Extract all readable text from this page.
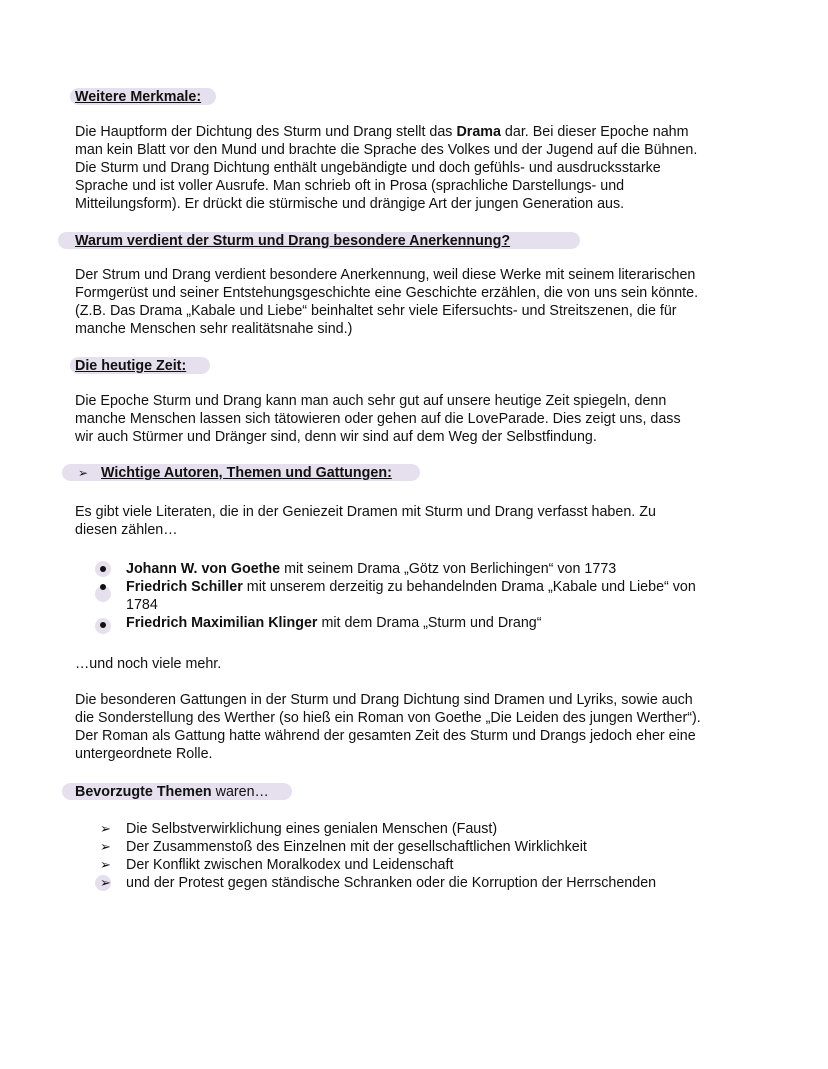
Weitere Merkmale:

Die Hauptform der Dichtung des Sturm und Drang stellt das Drama dar. Bei dieser Epoche nahm

man kein Blatt vor den Mund und brachte die Sprache des Volkes und der Jugend auf die Bühnen.

Die Sturm und Drang Dichtung enthält ungebändigte und doch gefühls- und ausdrucksstarke

Sprache und ist voller Ausrufe. Man schrieb oft in Prosa (sprachliche Darstellungs- und

Mitteilungsform). Er drückt die stürmische und drängige Art der jungen Generation aus.

Warum verdient der Sturm und Drang besondere Anerkennung?

Der Strum und Drang verdient besondere Anerkennung, weil diese Werke mit seinem literarischen

Formgerüst und seiner Entstehungsgeschichte eine Geschichte erzählen, die von uns sein könnte.

(Z.B. Das Drama „Kabale und Liebe“ beinhaltet sehr viele Eifersuchts- und Streitszenen, die für

manche Menschen sehr realitätsnahe sind.)

Die heutige Zeit:

Die Epoche Sturm und Drang kann man auch sehr gut auf unsere heutige Zeit spiegeln, denn

manche Menschen lassen sich tätowieren oder gehen auf die LoveParade. Dies zeigt uns, dass

wir auch Stürmer und Dränger sind, denn wir sind auf dem Weg der Selbstfindung.

➢ Wichtige Autoren, Themen und Gattungen:

Es gibt viele Literaten, die in der Geniezeit Dramen mit Sturm und Drang verfasst haben. Zu

diesen zählen…

Johann W. von Goethe mit seinem Drama „Götz von Berlichingen“ von 1773
Friedrich Schiller mit unserem derzeitig zu behandelnden Drama „Kabale und Liebe“ von
1784
Friedrich Maximilian Klinger mit dem Drama „Sturm und Drang“

…und noch viele mehr.

Die besonderen Gattungen in der Sturm und Drang Dichtung sind Dramen und Lyriks, sowie auch

die Sonderstellung des Werther (so hieß ein Roman von Goethe „Die Leiden des jungen Werther“).

Der Roman als Gattung hatte während der gesamten Zeit des Sturm und Drangs jedoch eher eine

untergeordnete Rolle.

Bevorzugte Themen waren…
➢ Die Selbstverwirklichung eines genialen Menschen (Faust)
➢ Der Zusammenstoß des Einzelnen mit der gesellschaftlichen Wirklichkeit
➢ Der Konflikt zwischen Moralkodex und Leidenschaft
➢ und der Protest gegen ständische Schranken oder die Korruption der Herrschenden
